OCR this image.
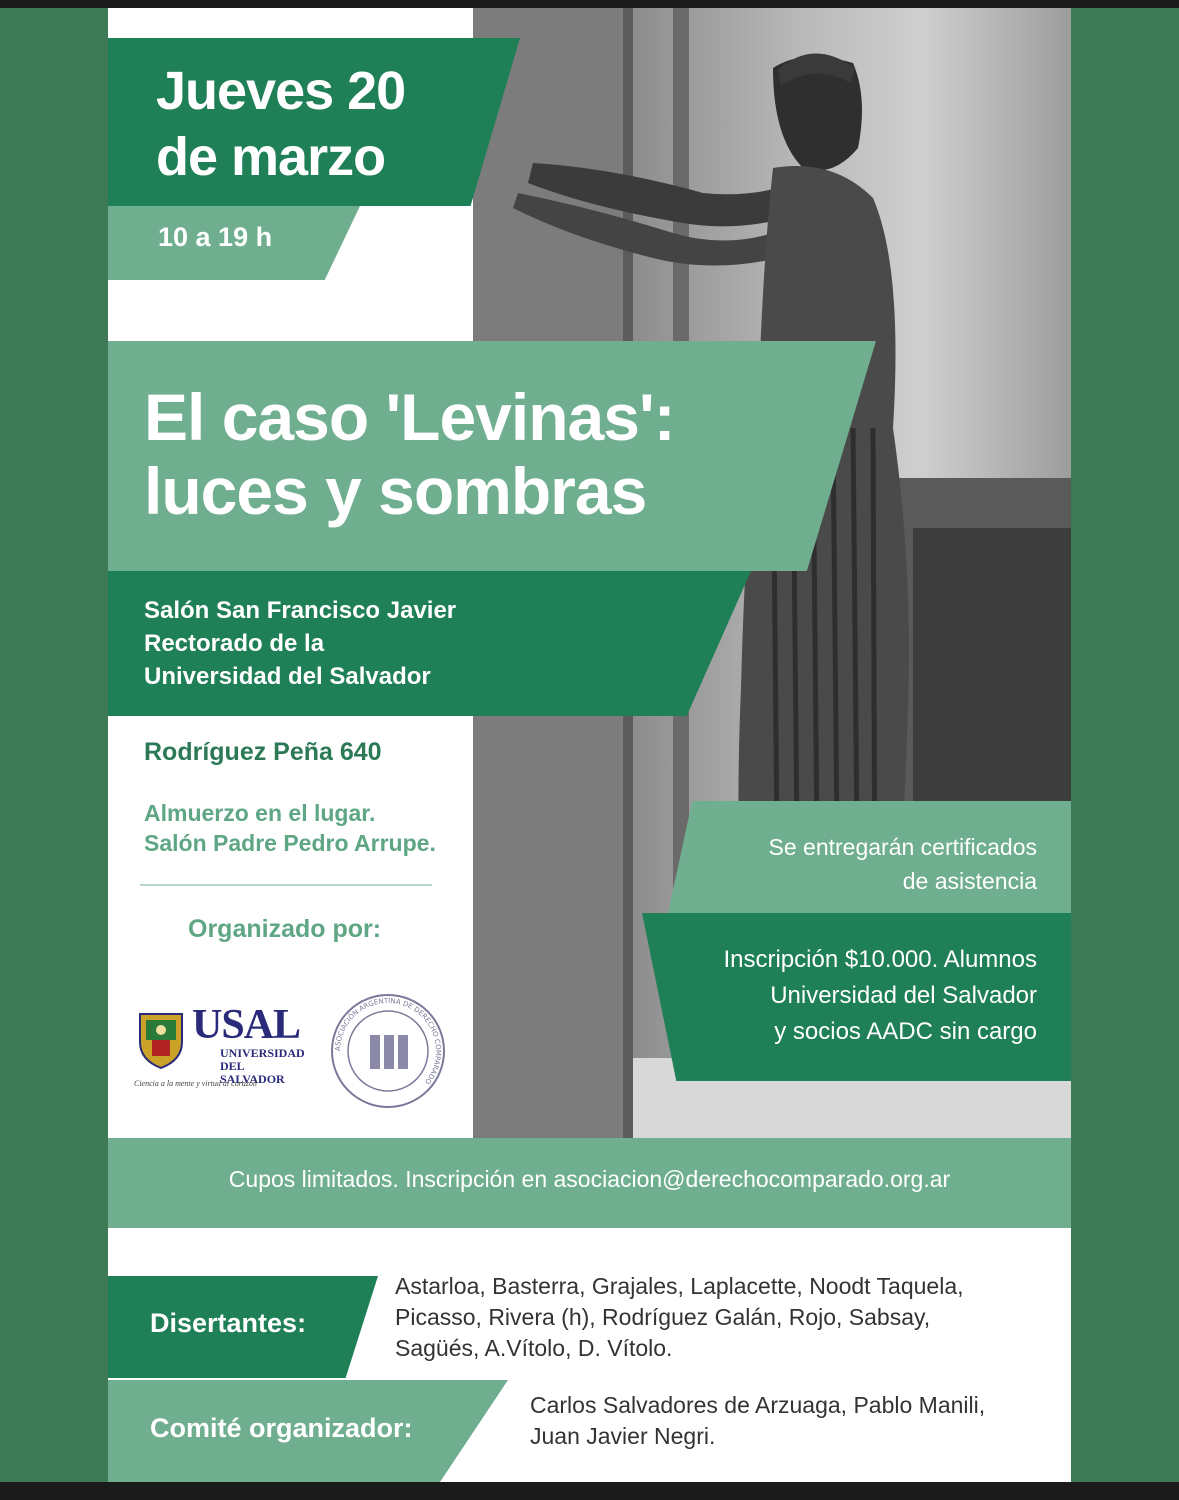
Jueves 20
de marzo
10 a 19 h
El caso 'Levinas':
luces y sombras
Salón San Francisco Javier
Rectorado de la
Universidad del Salvador
Rodríguez Peña 640
Almuerzo en el lugar.
Salón Padre Pedro Arrupe.
Organizado por:
USAL
UNIVERSIDAD
DEL SALVADOR
Ciencia a la mente y virtud al corazón
ASOCIACIÓN ARGENTINA DE DERECHO COMPARADO
Se entregarán certificados
de asistencia
Inscripción $10.000. Alumnos
Universidad del Salvador
y socios AADC sin cargo
Cupos limitados. Inscripción en asociacion@derechocomparado.org.ar
Disertantes:
Astarloa, Basterra, Grajales, Laplacette, Noodt Taquela,
Picasso, Rivera (h), Rodríguez Galán, Rojo, Sabsay,
Sagüés, A.Vítolo, D. Vítolo.
Comité organizador:
Carlos Salvadores de Arzuaga, Pablo Manili,
Juan Javier Negri.
